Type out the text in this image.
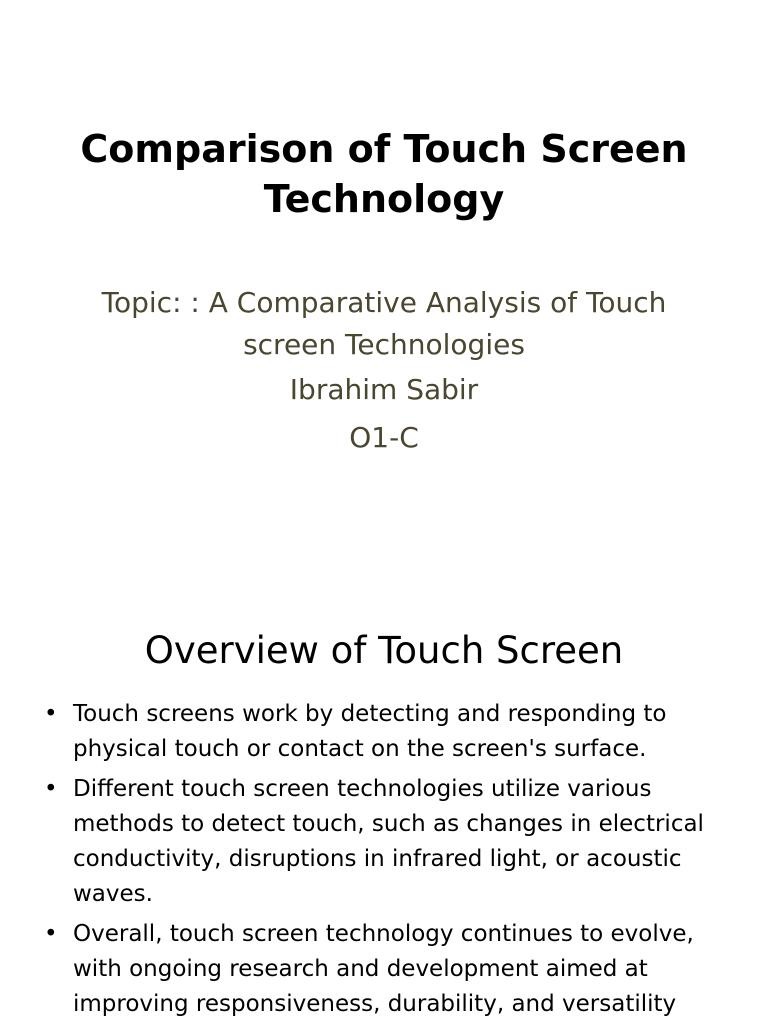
Comparison of Touch Screen Technology
Topic: : A Comparative Analysis of Touch screen Technologies
Ibrahim Sabir
O1-C
Overview of Touch Screen
• Touch screens work by detecting and responding to physical touch or contact on the screen's surface.
• Different touch screen technologies utilize various methods to detect touch, such as changes in electrical conductivity, disruptions in infrared light, or acoustic waves.
• Overall, touch screen technology continues to evolve, with ongoing research and development aimed at improving responsiveness, durability, and versatility
